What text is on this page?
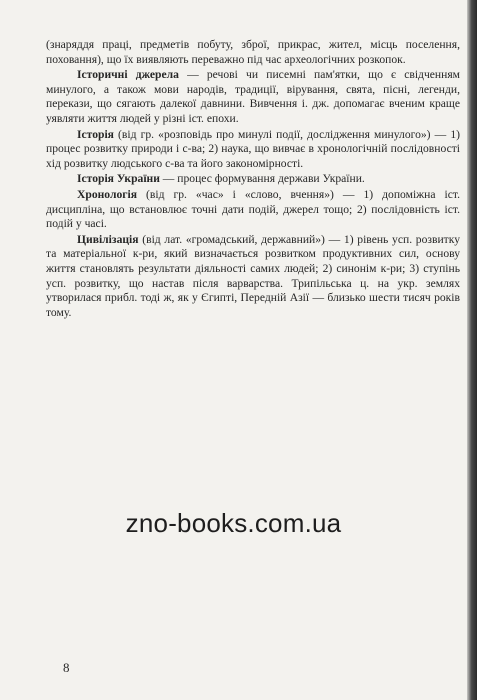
(знаряддя праці, предметів побуту, зброї, прикрас, жител, місць поселення, поховання), що їх виявляють переважно під час археологічних розкопок.

Історичні джерела — речові чи писемні пам'ятки, що є свідченням минулого, а також мови народів, традиції, вірування, свята, пісні, легенди, перекази, що сягають далекої давнини. Вивчення і. дж. допомагає вченим краще уявляти життя людей у різні іст. епохи.

Історія (від гр. «розповідь про минулі події, дослідження минулого») — 1) процес розвитку природи і с-ва; 2) наука, що вивчає в хронологічній послідовності хід розвитку людського с-ва та його закономірності.

Історія України — процес формування держави України.

Хронологія (від гр. «час» і «слово, вчення») — 1) допоміжна іст. дисципліна, що встановлює точні дати подій, джерел тощо; 2) послідовність іст. подій у часі.

Цивілізація (від лат. «громадський, державний») — 1) рівень усп. розвитку та матеріальної к-ри, який визначається розвитком продуктивних сил, основу життя становлять результати діяльності самих людей; 2) синонім к-ри; 3) ступінь усп. розвитку, що настав після варварства. Трипільська ц. на укр. землях утворилася прибл. тоді ж, як у Єгипті, Передній Азії — близько шести тисяч років тому.

zno-books.com.ua
8
